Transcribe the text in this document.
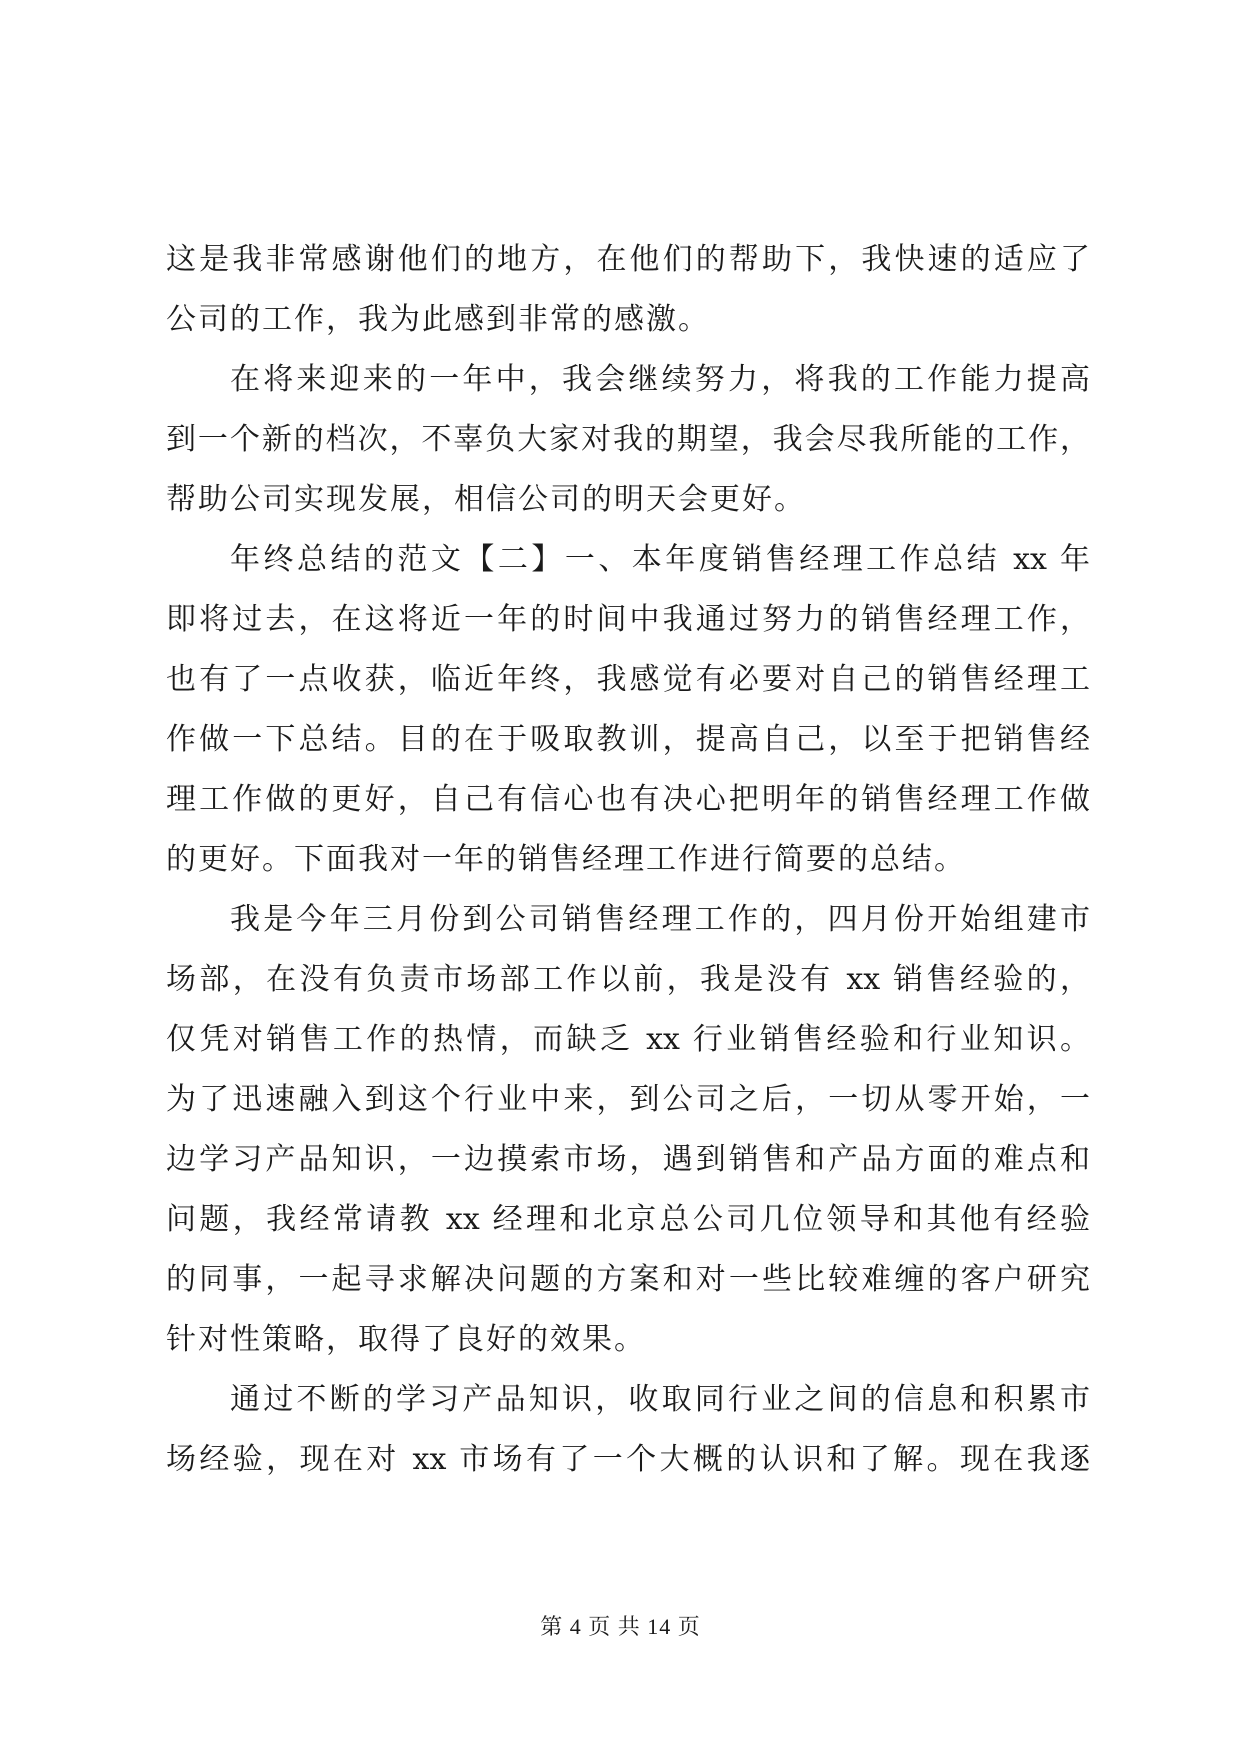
这是我非常感谢他们的地方，在他们的帮助下，我快速的适应了
公司的工作，我为此感到非常的感激。
在将来迎来的一年中，我会继续努力，将我的工作能力提高
到一个新的档次，不辜负大家对我的期望，我会尽我所能的工作，
帮助公司实现发展，相信公司的明天会更好。
年终总结的范文【二】一、本年度销售经理工作总结 xx 年
即将过去，在这将近一年的时间中我通过努力的销售经理工作，
也有了一点收获，临近年终，我感觉有必要对自己的销售经理工
作做一下总结。目的在于吸取教训，提高自己，以至于把销售经
理工作做的更好，自己有信心也有决心把明年的销售经理工作做
的更好。下面我对一年的销售经理工作进行简要的总结。
我是今年三月份到公司销售经理工作的，四月份开始组建市
场部，在没有负责市场部工作以前，我是没有 xx 销售经验的，
仅凭对销售工作的热情，而缺乏 xx 行业销售经验和行业知识。
为了迅速融入到这个行业中来，到公司之后，一切从零开始，一
边学习产品知识，一边摸索市场，遇到销售和产品方面的难点和
问题，我经常请教 xx 经理和北京总公司几位领导和其他有经验
的同事，一起寻求解决问题的方案和对一些比较难缠的客户研究
针对性策略，取得了良好的效果。
通过不断的学习产品知识，收取同行业之间的信息和积累市
场经验，现在对 xx 市场有了一个大概的认识和了解。现在我逐
第 4 页 共 14 页
